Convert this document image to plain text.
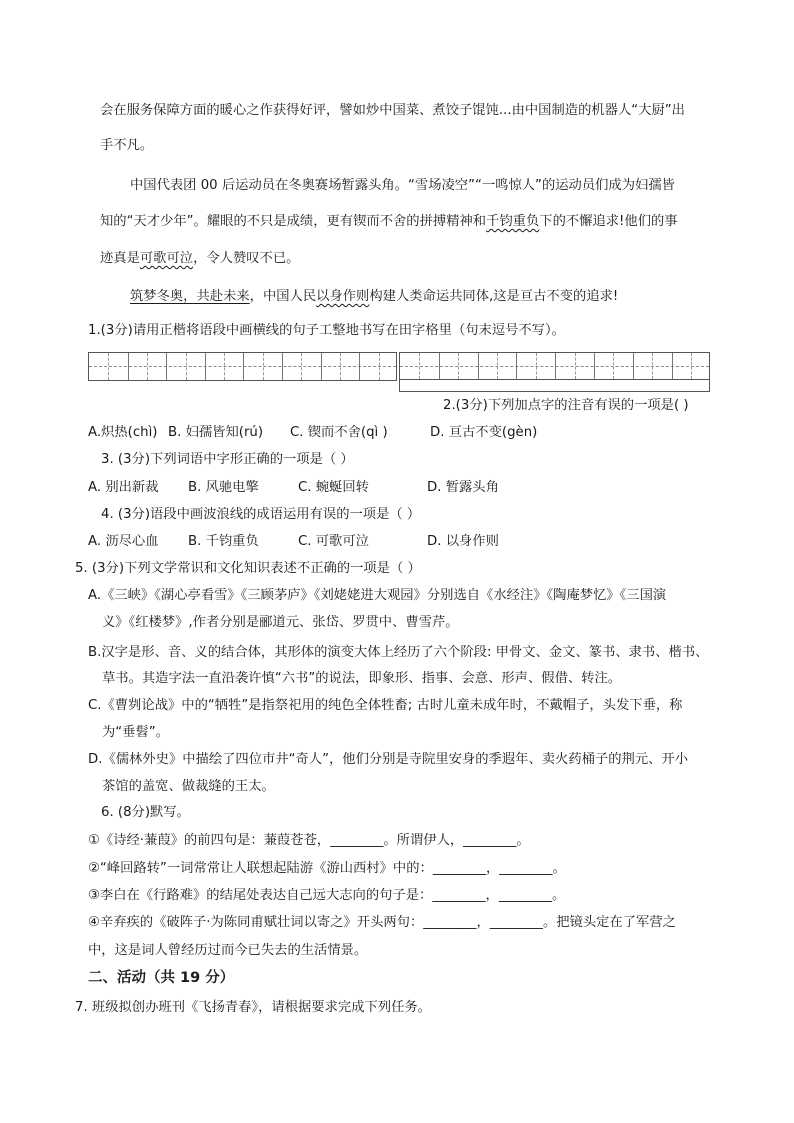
会在服务保障方面的暖心之作获得好评，譬如炒中国菜、煮饺子馄饨...由中国制造的机器人“大厨”出
手不凡。
中国代表团 00 后运动员在冬奥赛场暂露头角。“雪场凌空”“一鸣惊人”的运动员们成为妇孺皆
知的“天才少年”。耀眼的不只是成绩，更有锲而不舍的拼搏精神和千钧重负下的不懈追求!他们的事
迹真是可歌可泣，令人赞叹不已。
筑梦冬奥，共赴未来，中国人民以身作则构建人类命运共同体,这是亘古不变的追求!
1.(3分)请用正楷将语段中画横线的句子工整地书写在田字格里（句末逗号不写）。
2.(3分)下列加点字的注音有误的一项是( )
A.炽热(chì) B. 妇孺皆知(rú) C. 锲而不舍(qì )	D. 亘古不变(gèn)
3. (3分)下列词语中字形正确的一项是（ ）
A. 别出新裁 B. 风驰电擎	C. 蜿蜒回转	D. 暂露头角
4. (3分)语段中画波浪线的成语运用有误的一项是（ ）
A. 沥尽心血 B. 千钧重负	C. 可歌可泣	D. 以身作则
5. (3分)下列文学常识和文化知识表述不正确的一项是（ ）
A.《三峡》《湖心亭看雪》《三顾茅庐》《刘姥姥进大观园》分别选自《水经注》《陶庵梦忆》《三国演
义》《红楼梦》,作者分别是郦道元、张岱、罗贯中、曹雪芹。
B.汉字是形、音、义的结合体，其形体的演变大体上经历了六个阶段: 甲骨文、金文、篆书、隶书、楷书、
草书。其造字法一直沿袭许慎“六书”的说法，即象形、指事、会意、形声、假借、转注。
C.《曹刿论战》中的“牺牲”是指祭祀用的纯色全体牲畜; 古时儿童未成年时，不戴帽子，头发下垂，称
为“垂髫”。
D.《儒林外史》中描绘了四位市井“奇人”，他们分别是寺院里安身的季遐年、卖火药桶子的荆元、开小
茶馆的盖宽、做裁缝的王太。
6. (8分)默写。
①《诗经·蒹葭》的前四句是：蒹葭苍苍，________。所谓伊人，________。
②“峰回路转”一词常常让人联想起陆游《游山西村》中的：________，________。
③李白在《行路难》的结尾处表达自己远大志向的句子是：________，________。
④辛弃疾的《破阵子·为陈同甫赋壮词以寄之》开头两句：________，________。把镜头定在了军营之
中，这是词人曾经历过而今已失去的生活情景。
二、活动（共 19 分）
7. 班级拟创办班刊《飞扬青春》，请根据要求完成下列任务。
